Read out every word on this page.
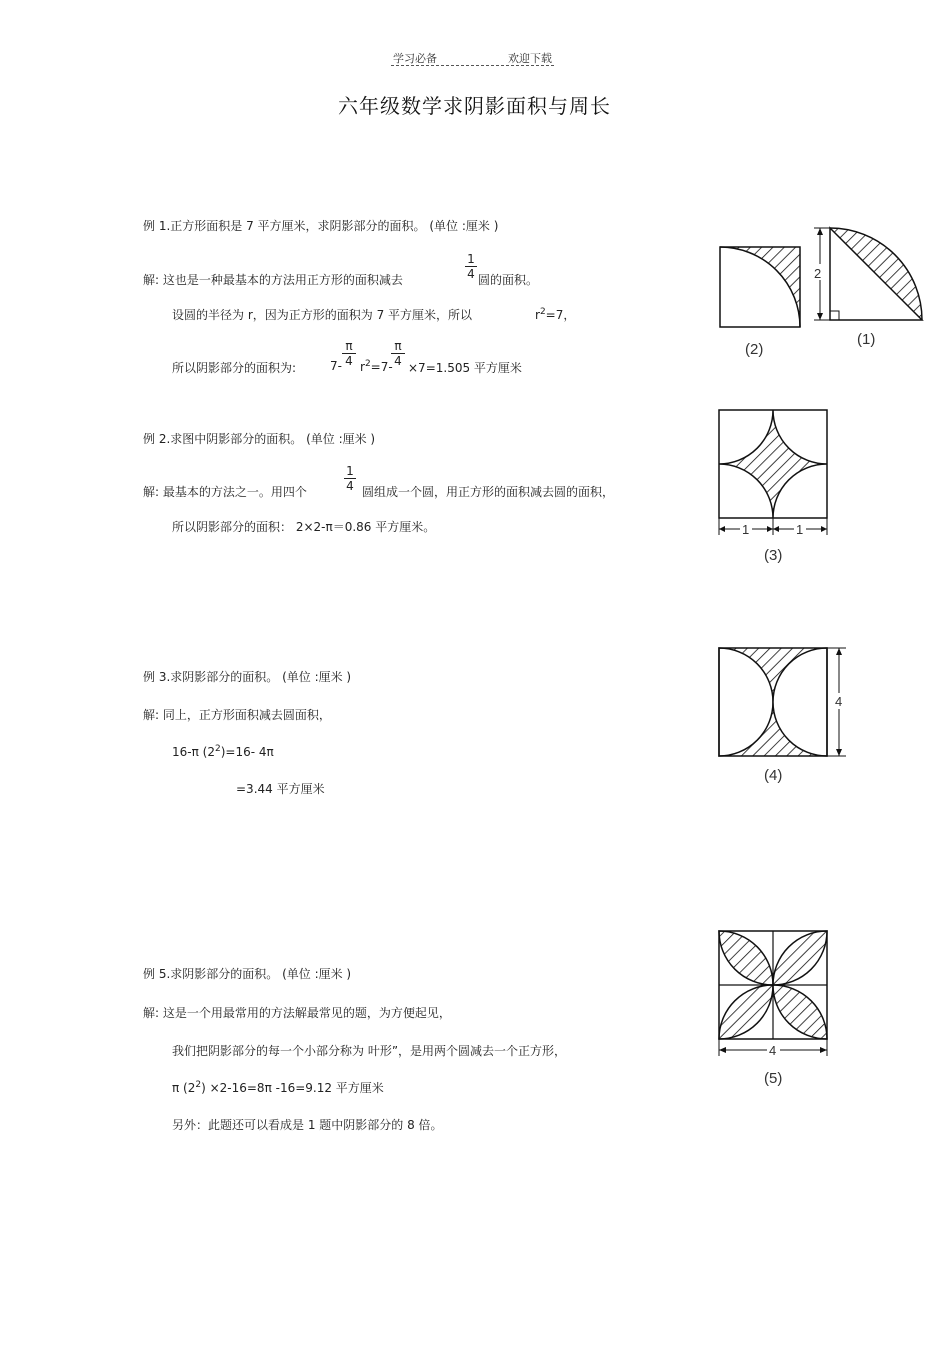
学习必备	欢迎下载
六年级数学求阴影面积与周长
例 1.正方形面积是 7 平方厘米，求阴影部分的面积。 (单位 :厘米 )
解: 这也是一种最基本的方法用正方形的面积减去	$\frac{1}{4}$ 圆的面积。
设圆的半径为 r，因为正方形的面积为 7 平方厘米，所以	$r^2=7$，
所以阴影部分的面积为:	$7- \frac{\pi}{4} r^2=7-$
$\frac{\pi}{4} \times 7=1.505$ 平方厘米
例 2.求图中阴影部分的面积。 (单位 :厘米 )
解: 最基本的方法之一。用四个	$\frac{1}{4}$ 圆组成一个圆，用正方形的面积减去圆的面积，
所以阴影部分的面积： 2×2-π＝0.86 平方厘米。
例 3.求阴影部分的面积。 (单位 :厘米 )
解: 同上，正方形面积减去圆面积，
16-π $(2^2)=16-$ 4π
=3.44 平方厘米
例 5.求阴影部分的面积。 (单位 :厘米 )
解: 这是一个用最常用的方法解最常见的题，为方便起见，
我们把阴影部分的每一个小部分称为 叶形”，是用两个圆减去一个正方形，
π $(2^2) \times 2-16=8\pi$ -16=9.12 平方厘米
另外：此题还可以看成是 1 题中阴影部分的 8 倍。
(2)
2
(1)
1	1
(3)
4
(4)
4
(5)
